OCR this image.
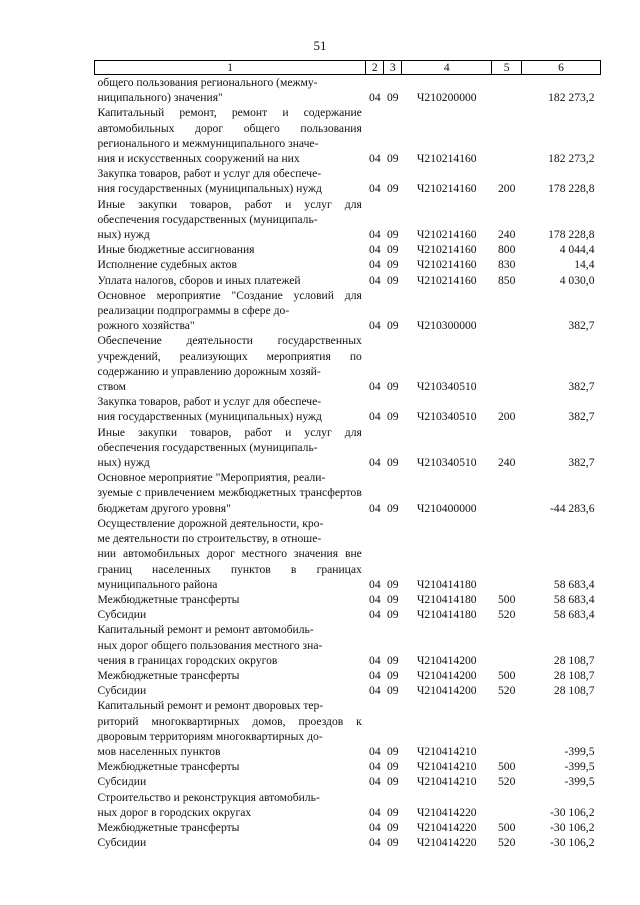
51
1	2	3	4	5	6

общего пользования регионального (межму-
ниципального) значения"	04	09	Ч210200000		182 273,2

Капитальный ремонт, ремонт и содержание автомобильных дорог общего пользования регионального и межмуниципального значе-
ния и искусственных сооружений на них	04	09	Ч210214160		182 273,2

Закупка товаров, работ и услуг для обеспече-
ния государственных (муниципальных) нужд	04	09	Ч210214160	200	178 228,8

Иные закупки товаров, работ и услуг для обеспечения государственных (муниципаль-
ных) нужд	04	09	Ч210214160	240	178 228,8
Иные бюджетные ассигнования	04	09	Ч210214160	800	4 044,4
Исполнение судебных актов	04	09	Ч210214160	830	14,4
Уплата налогов, сборов и иных платежей	04	09	Ч210214160	850	4 030,0

Основное мероприятие "Создание условий для реализации подпрограммы в сфере до-
рожного хозяйства"	04	09	Ч210300000		382,7

Обеспечение деятельности государственных учреждений, реализующих мероприятия по содержанию и управлению дорожным хозяй-
ством	04	09	Ч210340510		382,7

Закупка товаров, работ и услуг для обеспече-
ния государственных (муниципальных) нужд	04	09	Ч210340510	200	382,7

Иные закупки товаров, работ и услуг для обеспечения государственных (муниципаль-
ных) нужд	04	09	Ч210340510	240	382,7

Основное мероприятие "Мероприятия, реали-
зуемые с привлечением межбюджетных трансфертов бюджетам другого уровня"	04	09	Ч210400000		-44 283,6

Осуществление дорожной деятельности, кро-
ме деятельности по строительству, в отноше-
нии автомобильных дорог местного значения вне границ населенных пунктов в границах муниципального района	04	09	Ч210414180		58 683,4
Межбюджетные трансферты	04	09	Ч210414180	500	58 683,4
Субсидии	04	09	Ч210414180	520	58 683,4

Капитальный ремонт и ремонт автомобиль-
ных дорог общего пользования местного зна-
чения в границах городских округов	04	09	Ч210414200		28 108,7
Межбюджетные трансферты	04	09	Ч210414200	500	28 108,7
Субсидии	04	09	Ч210414200	520	28 108,7

Капитальный ремонт и ремонт дворовых тер-
риторий многоквартирных домов, проездов к дворовым территориям многоквартирных до-
мов населенных пунктов	04	09	Ч210414210		-399,5
Межбюджетные трансферты	04	09	Ч210414210	500	-399,5
Субсидии	04	09	Ч210414210	520	-399,5

Строительство и реконструкция автомобиль-
ных дорог в городских округах	04	09	Ч210414220		-30 106,2
Межбюджетные трансферты	04	09	Ч210414220	500	-30 106,2
Субсидии	04	09	Ч210414220	520	-30 106,2
